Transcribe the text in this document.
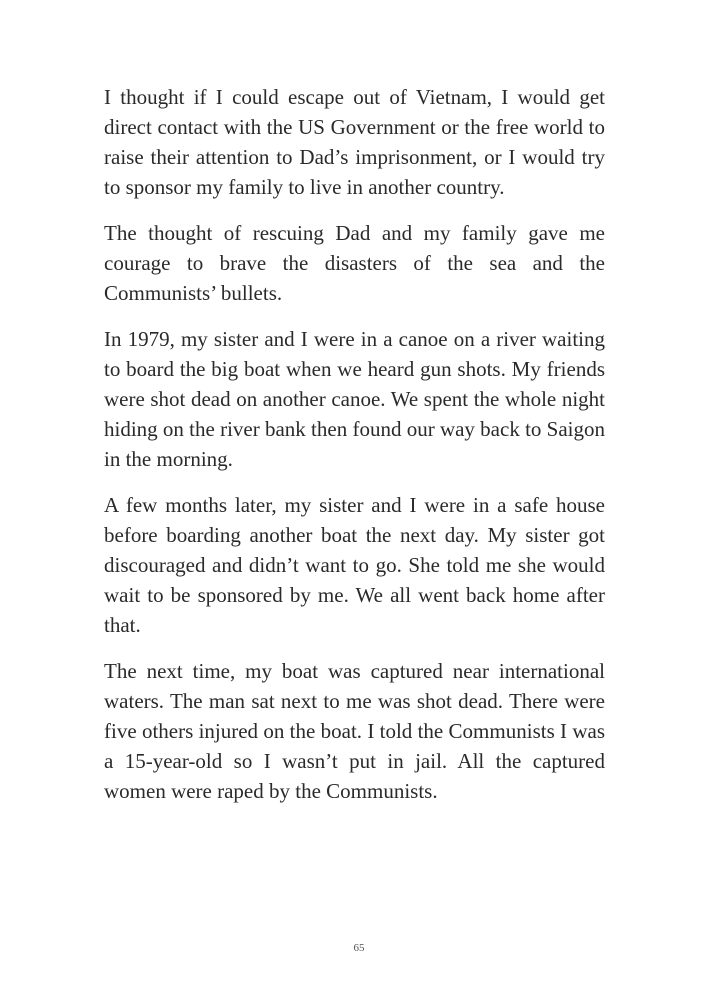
I thought if I could escape out of Vietnam, I would get direct contact with the US Government or the free world to raise their attention to Dad’s imprisonment, or I would try to sponsor my family to live in another country.

The thought of rescuing Dad and my family gave me courage to brave the disasters of the sea and the Communists’ bullets.

In 1979, my sister and I were in a canoe on a river waiting to board the big boat when we heard gun shots. My friends were shot dead on another canoe. We spent the whole night hiding on the river bank then found our way back to Saigon in the morning.

A few months later, my sister and I were in a safe house before boarding another boat the next day. My sister got discouraged and didn’t want to go. She told me she would wait to be sponsored by me. We all went back home after that.

The next time, my boat was captured near international waters. The man sat next to me was shot dead. There were five others injured on the boat. I told the Communists I was a 15-year-old so I wasn’t put in jail. All the captured women were raped by the Communists.

65
